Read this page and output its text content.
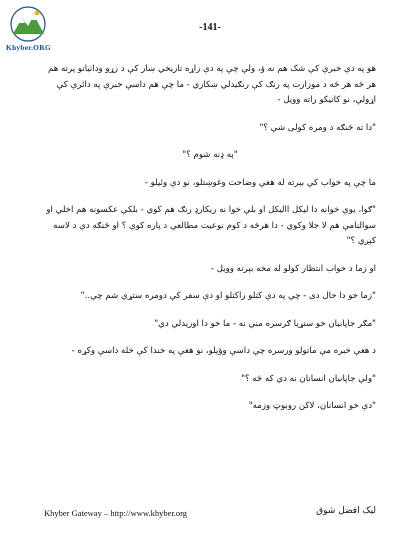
Khyber.ORG
-141-

هو په دې خبرې کې شک هم نه ؤ، ولې چې په دې زاړه تاريخي ښار کې د زړو ودانيانو پرته هم هر څه هر څه د موزارت په رنګ کې رنګيدلي ښکاري - ما چې هم داسې خبرې په دائرې کې اړولې، نو کاتيکو راته وويل -

"دا ته څنګه د ومره کولی شې ؟"

"په ډنه شوم ؟"

ما چې په خواب کې بېرته له هغې وضاحت وغوښتلو، نو دې وئيلو -

"ګوا، يوې خوانه دا ليکل االيکل او بلې خوا نه ريکارډ رنګ هم کوي - بلکې عکسونه هم اخلي او سوالنامې هم لا جلا وکوي - دا هرڅه د کوم نوعيت مطالعې د پاره کوې ؟ او څنګه دې د لاسه کېږي ؟"

او زما د خواب انتظار کولو له مخه بېرته وويل -

"زما خو دا حال دی - چې په دې کتلو راکتلو او دې سفر کې دومره ستړې شم چې.."

"مګر جاپانيان خو ستړيا ګرسره مني نه - ما خو دا اوريدلي دي"

د هغې خبره مې ماتولو ورسره چې داسې وؤيلو، نو هغې په خندا کې خله داسې وکړه -

"ولې جاپانيان انسانان نه دي که څه ؟"

"دې خو انسانان، لاکن روبوټ وزمه"

Khyber Gateway – http://www.khyber.org	ليک افضل شوق
